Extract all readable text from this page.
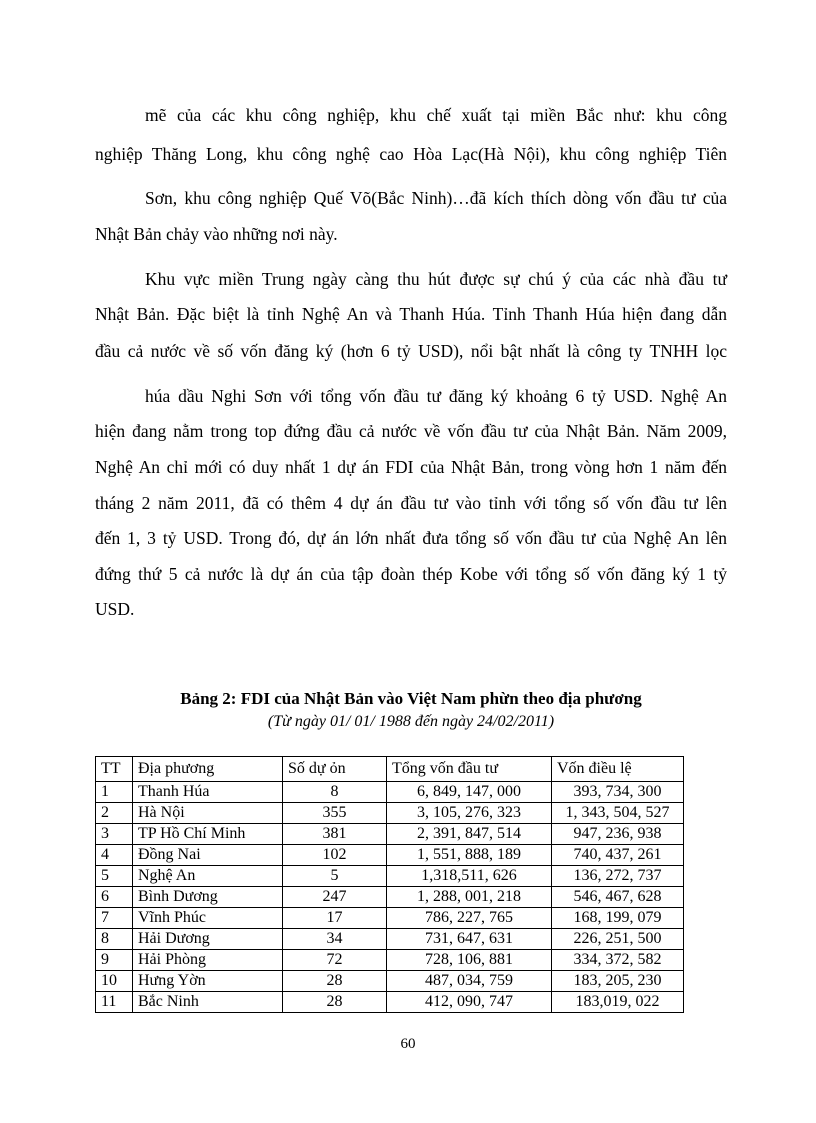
mẽ của các khu công nghiệp, khu chế xuất tại miền Bắc như: khu công
nghiệp Thăng Long, khu công nghệ cao Hòa Lạc(Hà Nội), khu công nghiệp Tiên
Sơn, khu công nghiệp Quế Võ(Bắc Ninh)…đã kích thích dòng vốn đầu tư của
Nhật Bản chảy vào những nơi này.
Khu vực miền Trung ngày càng thu hút được sự chú ý của các nhà đầu tư
Nhật Bản. Đặc biệt là tỉnh Nghệ An và Thanh Húa. Tỉnh Thanh Húa hiện đang dẫn
đầu cả nước về số vốn đăng ký (hơn 6 tỷ USD), nổi bật nhất là công ty TNHH lọc
húa dầu Nghi Sơn với tổng vốn đầu tư đăng ký khoảng 6 tỷ USD. Nghệ An
hiện đang nằm trong top đứng đầu cả nước về vốn đầu tư của Nhật Bản. Năm 2009,
Nghệ An chỉ mới có duy nhất 1 dự án FDI của Nhật Bản, trong vòng hơn 1 năm đến
tháng 2 năm 2011, đã có thêm 4 dự án đầu tư vào tỉnh với tổng số vốn đầu tư lên
đến 1, 3 tỷ USD. Trong đó, dự án lớn nhất đưa tổng số vốn đầu tư của Nghệ An lên
đứng thứ 5 cả nước là dự án của tập đoàn thép Kobe với tổng số vốn đăng ký 1 tỷ
USD.
Bảng 2: FDI của Nhật Bản vào Việt Nam phừn theo địa phương
(Từ ngày 01/ 01/ 1988 đến ngày 24/02/2011)
TT	Địa phương	Số dự ỏn	Tổng vốn đầu tư	Vốn điều lệ
1	Thanh Húa	8	6, 849, 147, 000	393, 734, 300
2	Hà Nội	355	3, 105, 276, 323	1, 343, 504, 527
3	TP Hồ Chí Minh	381	2, 391, 847, 514	947, 236, 938
4	Đồng Nai	102	1, 551, 888, 189	740, 437, 261
5	Nghệ An	5	1,318,511, 626	136, 272, 737
6	Bình Dương	247	1, 288, 001, 218	546, 467, 628
7	Vĩnh Phúc	17	786, 227, 765	168, 199, 079
8	Hải Dương	34	731, 647, 631	226, 251, 500
9	Hải Phòng	72	728, 106, 881	334, 372, 582
10	Hưng Yờn	28	487, 034, 759	183, 205, 230
11	Bắc Ninh	28	412, 090, 747	183,019, 022
60
